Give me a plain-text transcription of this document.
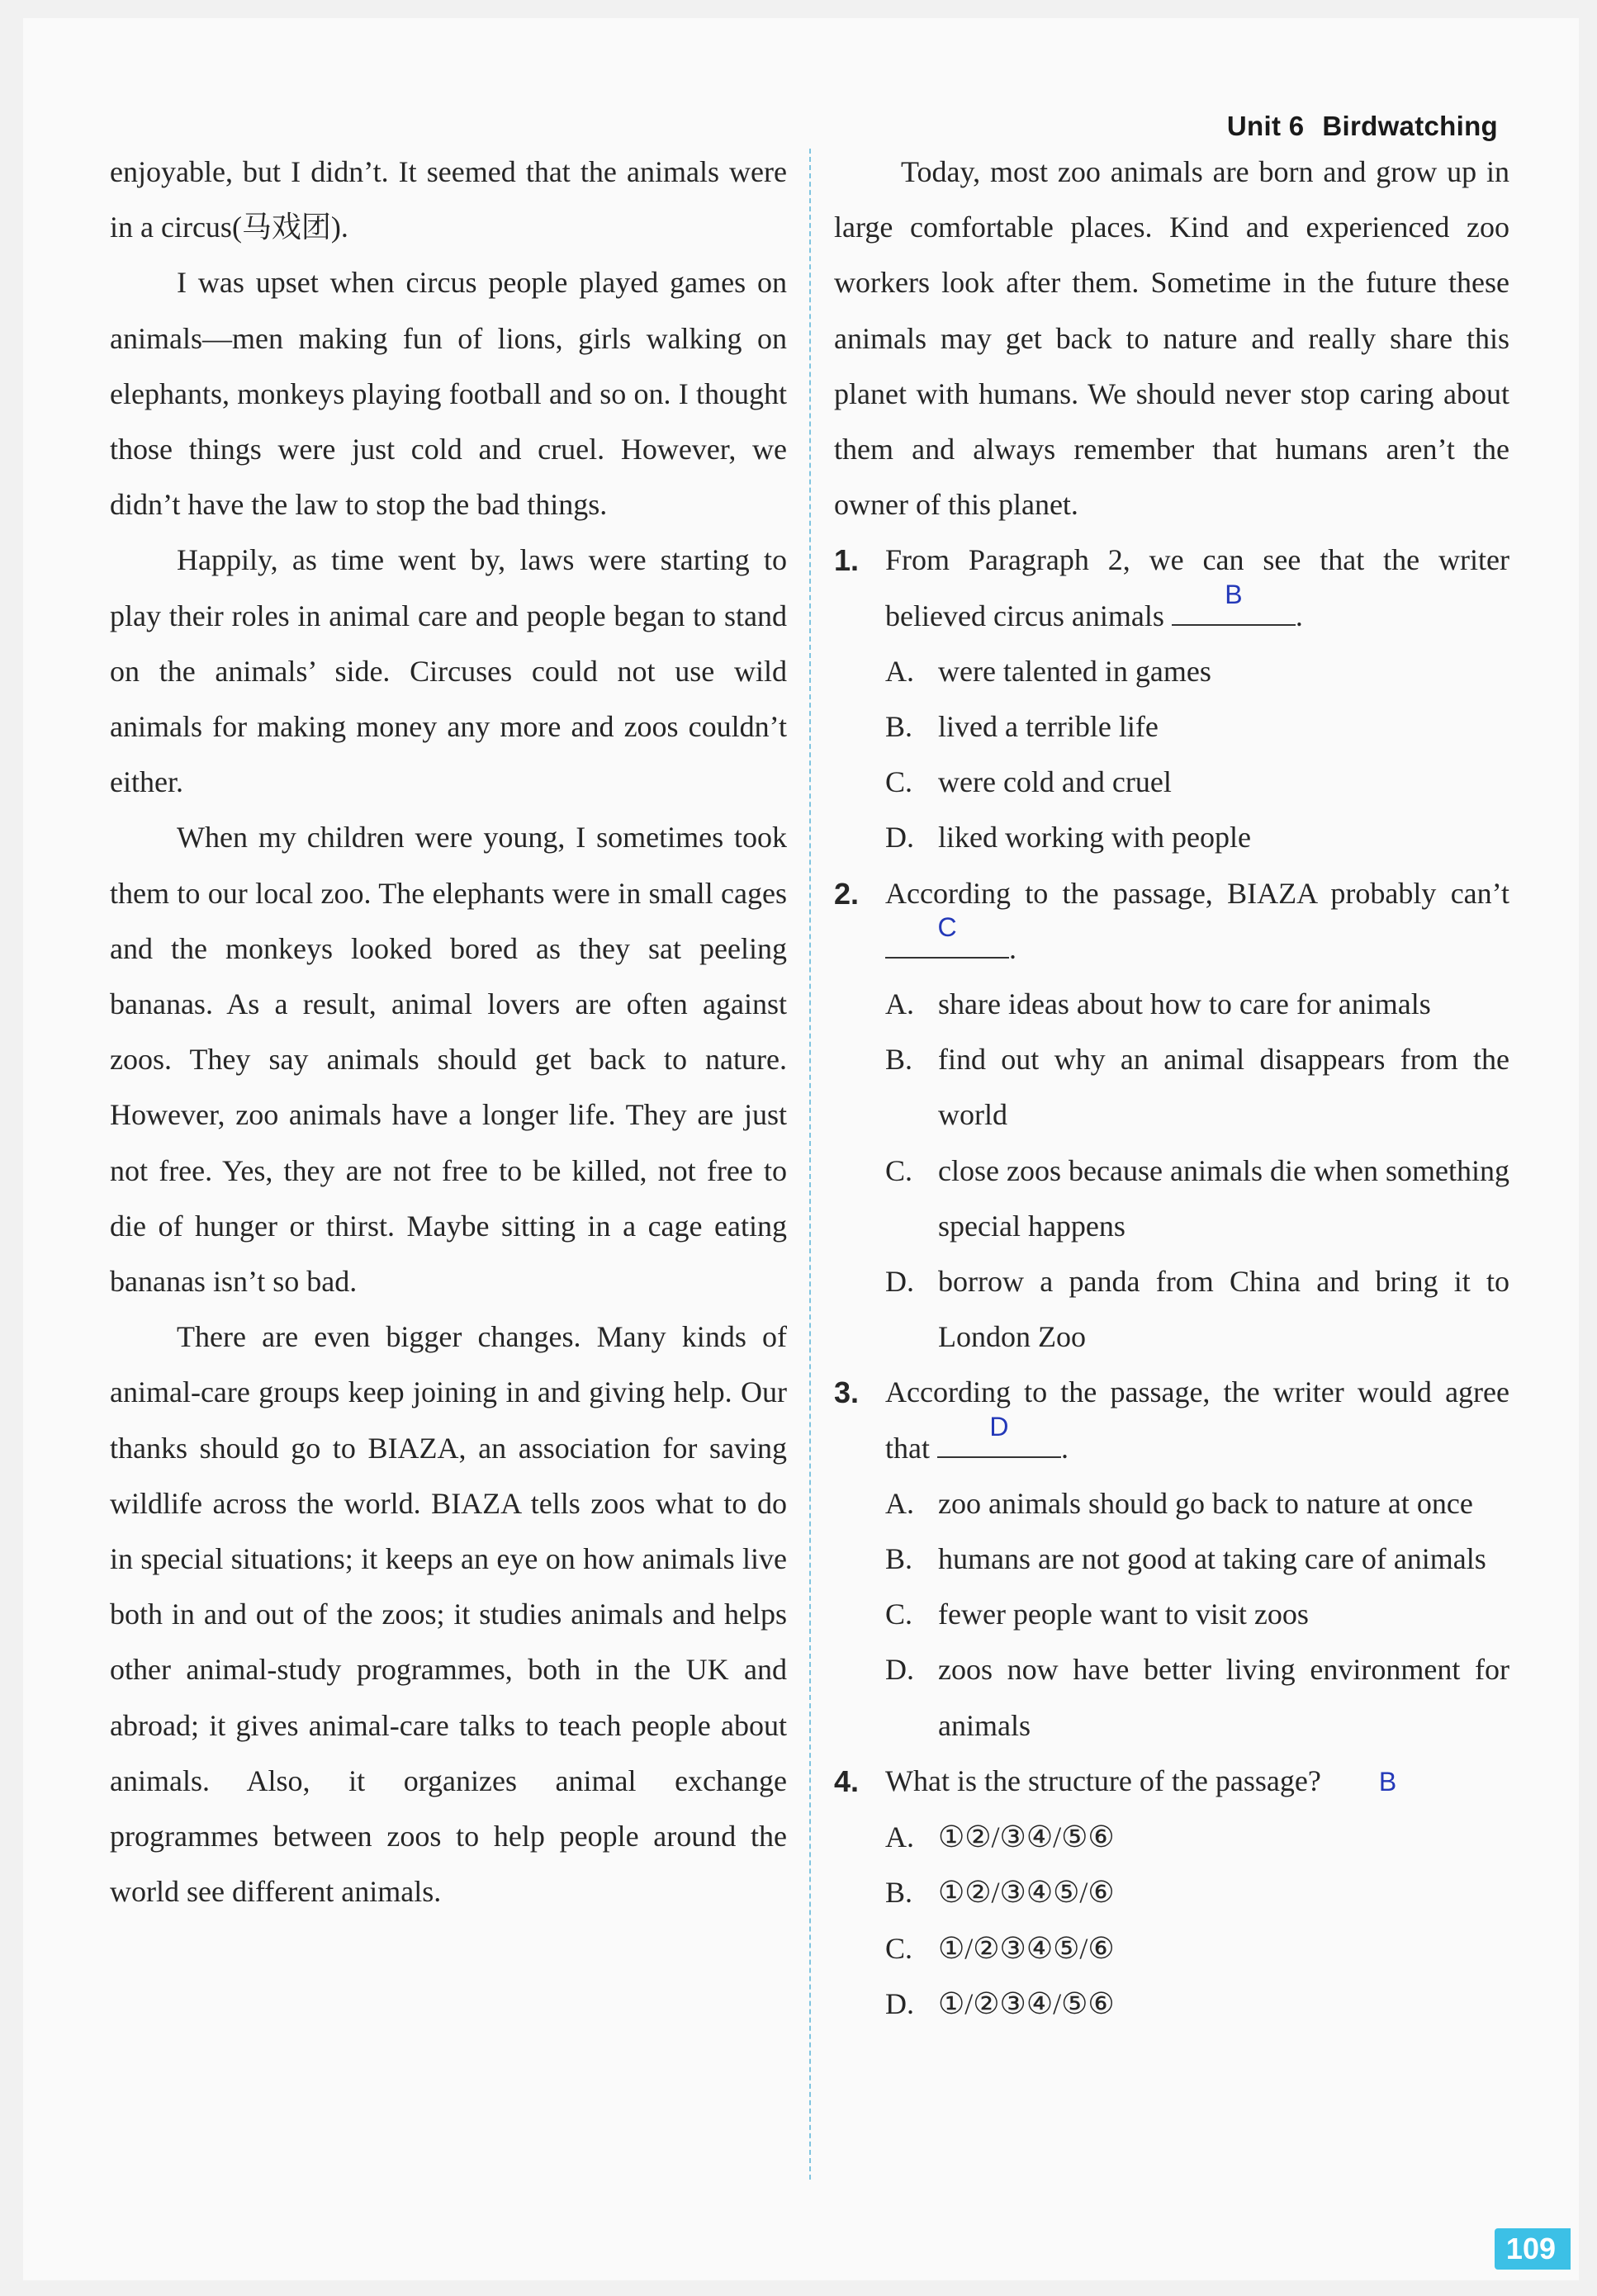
Unit 6 Birdwatching

enjoyable, but I didn’t. It seemed that the animals were in a circus(马戏团).

I was upset when circus people played games on animals—men making fun of lions, girls walking on elephants, monkeys playing football and so on. I thought those things were just cold and cruel. However, we didn’t have the law to stop the bad things.

Happily, as time went by, laws were starting to play their roles in animal care and people began to stand on the animals’ side. Circuses could not use wild animals for making money any more and zoos couldn’t either.

When my children were young, I sometimes took them to our local zoo. The elephants were in small cages and the monkeys looked bored as they sat peeling bananas. As a result, animal lovers are often against zoos. They say animals should get back to nature. However, zoo animals have a longer life. They are just not free. Yes, they are not free to be killed, not free to die of hunger or thirst. Maybe sitting in a cage eating bananas isn’t so bad.

There are even bigger changes. Many kinds of animal-care groups keep joining in and giving help. Our thanks should go to BIAZA, an association for saving wildlife across the world. BIAZA tells zoos what to do in special situations; it keeps an eye on how animals live both in and out of the zoos; it studies animals and helps other animal-study programmes, both in the UK and abroad; it gives animal-care talks to teach people about animals. Also, it organizes animal exchange programmes between zoos to help people around the world see different animals.

Today, most zoo animals are born and grow up in large comfortable places. Kind and experienced zoo workers look after them. Sometime in the future these animals may get back to nature and really share this planet with humans. We should never stop caring about them and always remember that humans aren’t the owner of this planet.

1. From Paragraph 2, we can see that the writer believed circus animals
B
.
A. were talented in games
B. lived a terrible life
C. were cold and cruel
D. liked working with people
2. According to the passage, BIAZA probably can’t
C
.
A. share ideas about how to care for animals
B. find out why an animal disappears from the world
C. close zoos because animals die when something special happens
D. borrow a panda from China and bring it to London Zoo
3. According to the passage, the writer would agree that
D
.
A. zoo animals should go back to nature at once
B. humans are not good at taking care of animals
C. fewer people want to visit zoos
D. zoos now have better living environment for animals
4. What is the structure of the passage? B
A. ①②/③④/⑤⑥
B. ①②/③④⑤/⑥
C. ①/②③④⑤/⑥
D. ①/②③④/⑤⑥
109
